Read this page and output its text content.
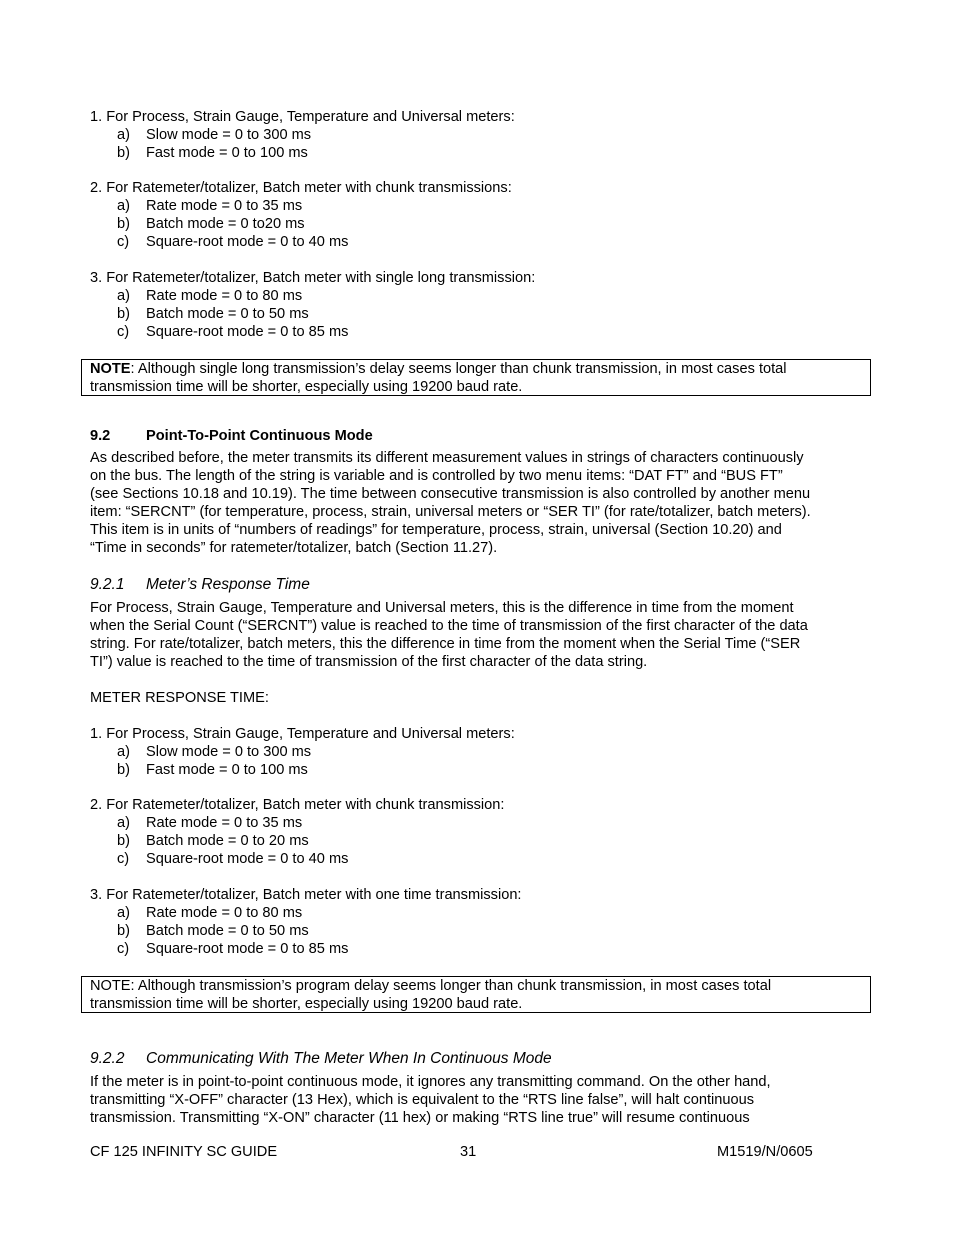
1. For Process, Strain Gauge, Temperature and Universal meters:
a) Slow mode = 0 to 300 ms
b) Fast mode = 0 to 100 ms
2. For Ratemeter/totalizer, Batch meter with chunk transmissions:
a) Rate mode = 0 to 35 ms
b) Batch mode = 0 to20 ms
c) Square-root mode = 0 to 40 ms
3. For Ratemeter/totalizer, Batch meter with single long transmission:
a) Rate mode = 0 to 80 ms
b) Batch mode = 0 to 50 ms
c) Square-root mode = 0 to 85 ms
NOTE: Although single long transmission’s delay seems longer than chunk transmission, in most cases total
transmission time will be shorter, especially using 19200 baud rate.
9.2 Point-To-Point Continuous Mode
As described before, the meter transmits its different measurement values in strings of characters continuously
on the bus. The length of the string is variable and is controlled by two menu items: “DAT FT” and “BUS FT”
(see Sections 10.18 and 10.19). The time between consecutive transmission is also controlled by another menu
item: “SERCNT” (for temperature, process, strain, universal meters or “SER TI” (for rate/totalizer, batch meters).
This item is in units of “numbers of readings” for temperature, process, strain, universal (Section 10.20) and
“Time in seconds” for ratemeter/totalizer, batch (Section 11.27).
9.2.1 Meter’s Response Time
For Process, Strain Gauge, Temperature and Universal meters, this is the difference in time from the moment
when the Serial Count (“SERCNT”) value is reached to the time of transmission of the first character of the data
string. For rate/totalizer, batch meters, this the difference in time from the moment when the Serial Time (“SER
TI”) value is reached to the time of transmission of the first character of the data string.
METER RESPONSE TIME:
1. For Process, Strain Gauge, Temperature and Universal meters:
a) Slow mode = 0 to 300 ms
b) Fast mode = 0 to 100 ms
2. For Ratemeter/totalizer, Batch meter with chunk transmission:
a) Rate mode = 0 to 35 ms
b) Batch mode = 0 to 20 ms
c) Square-root mode = 0 to 40 ms
3. For Ratemeter/totalizer, Batch meter with one time transmission:
a) Rate mode = 0 to 80 ms
b) Batch mode = 0 to 50 ms
c) Square-root mode = 0 to 85 ms
NOTE: Although transmission’s program delay seems longer than chunk transmission, in most cases total
transmission time will be shorter, especially using 19200 baud rate.
9.2.2 Communicating With The Meter When In Continuous Mode
If the meter is in point-to-point continuous mode, it ignores any transmitting command. On the other hand,
transmitting “X-OFF” character (13 Hex), which is equivalent to the “RTS line false”, will halt continuous
transmission. Transmitting “X-ON” character (11 hex) or making “RTS line true” will resume continuous
CF 125 INFINITY SC GUIDE	31	M1519/N/0605
